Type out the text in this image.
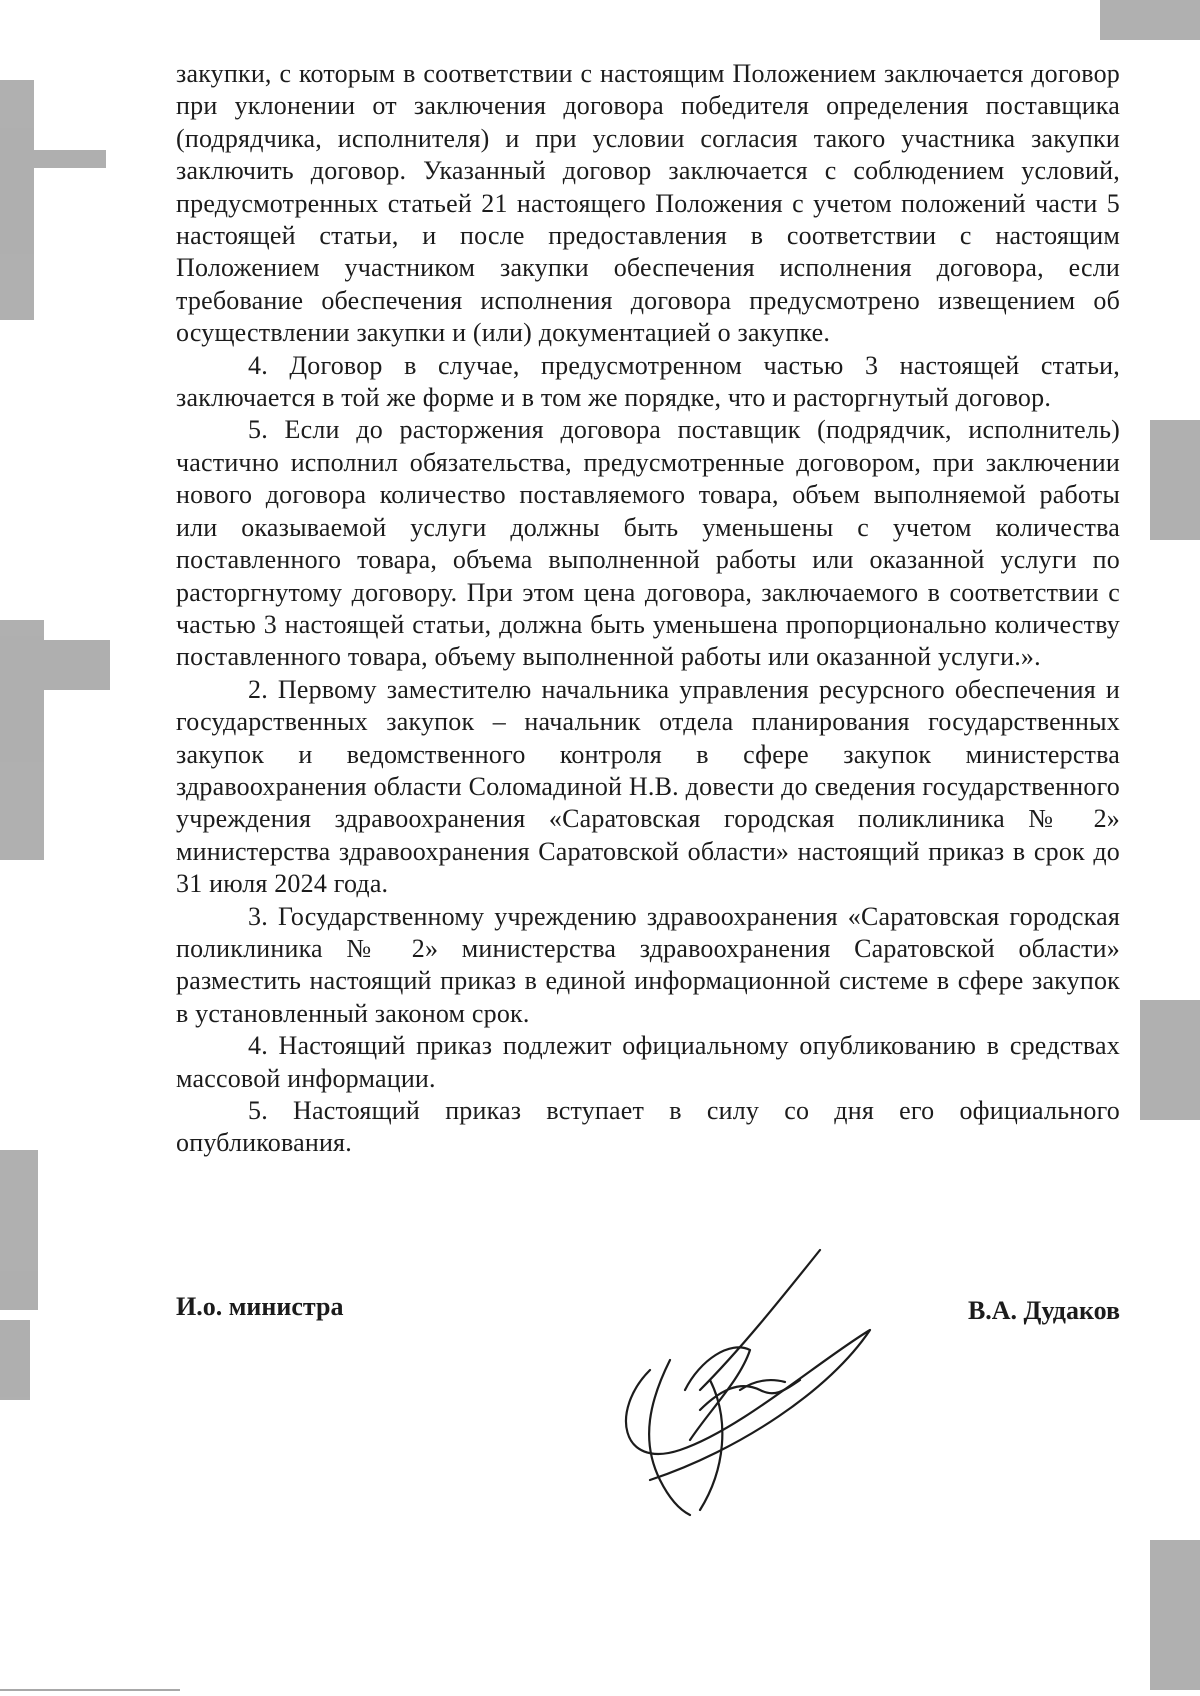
закупки, с которым в соответствии с настоящим Положением заключается договор при уклонении от заключения договора победителя определения поставщика (подрядчика, исполнителя) и при условии согласия такого участника закупки заключить договор. Указанный договор заключается с соблюдением условий, предусмотренных статьей 21 настоящего Положения с учетом положений части 5 настоящей статьи, и после предоставления в соответствии с настоящим Положением участником закупки обеспечения исполнения договора, если требование обеспечения исполнения договора предусмотрено извещением об осуществлении закупки и (или) документацией о закупке.

4. Договор в случае, предусмотренном частью 3 настоящей статьи, заключается в той же форме и в том же порядке, что и расторгнутый договор.

5. Если до расторжения договора поставщик (подрядчик, исполнитель) частично исполнил обязательства, предусмотренные договором, при заключении нового договора количество поставляемого товара, объем выполняемой работы или оказываемой услуги должны быть уменьшены с учетом количества поставленного товара, объема выполненной работы или оказанной услуги по расторгнутому договору. При этом цена договора, заключаемого в соответствии с частью 3 настоящей статьи, должна быть уменьшена пропорционально количеству поставленного товара, объему выполненной работы или оказанной услуги.».

2. Первому заместителю начальника управления ресурсного обеспечения и государственных закупок – начальник отдела планирования государственных закупок и ведомственного контроля в сфере закупок министерства здравоохранения области Соломадиной Н.В. довести до сведения государственного учреждения здравоохранения «Саратовская городская поликлиника № 2» министерства здравоохранения Саратовской области» настоящий приказ в срок до 31 июля 2024 года.

3. Государственному учреждению здравоохранения «Саратовская городская поликлиника № 2» министерства здравоохранения Саратовской области» разместить настоящий приказ в единой информационной системе в сфере закупок в установленный законом срок.

4. Настоящий приказ подлежит официальному опубликованию в средствах массовой информации.

5. Настоящий приказ вступает в силу со дня его официального опубликования.

И.о. министра	В.А. Дудаков
